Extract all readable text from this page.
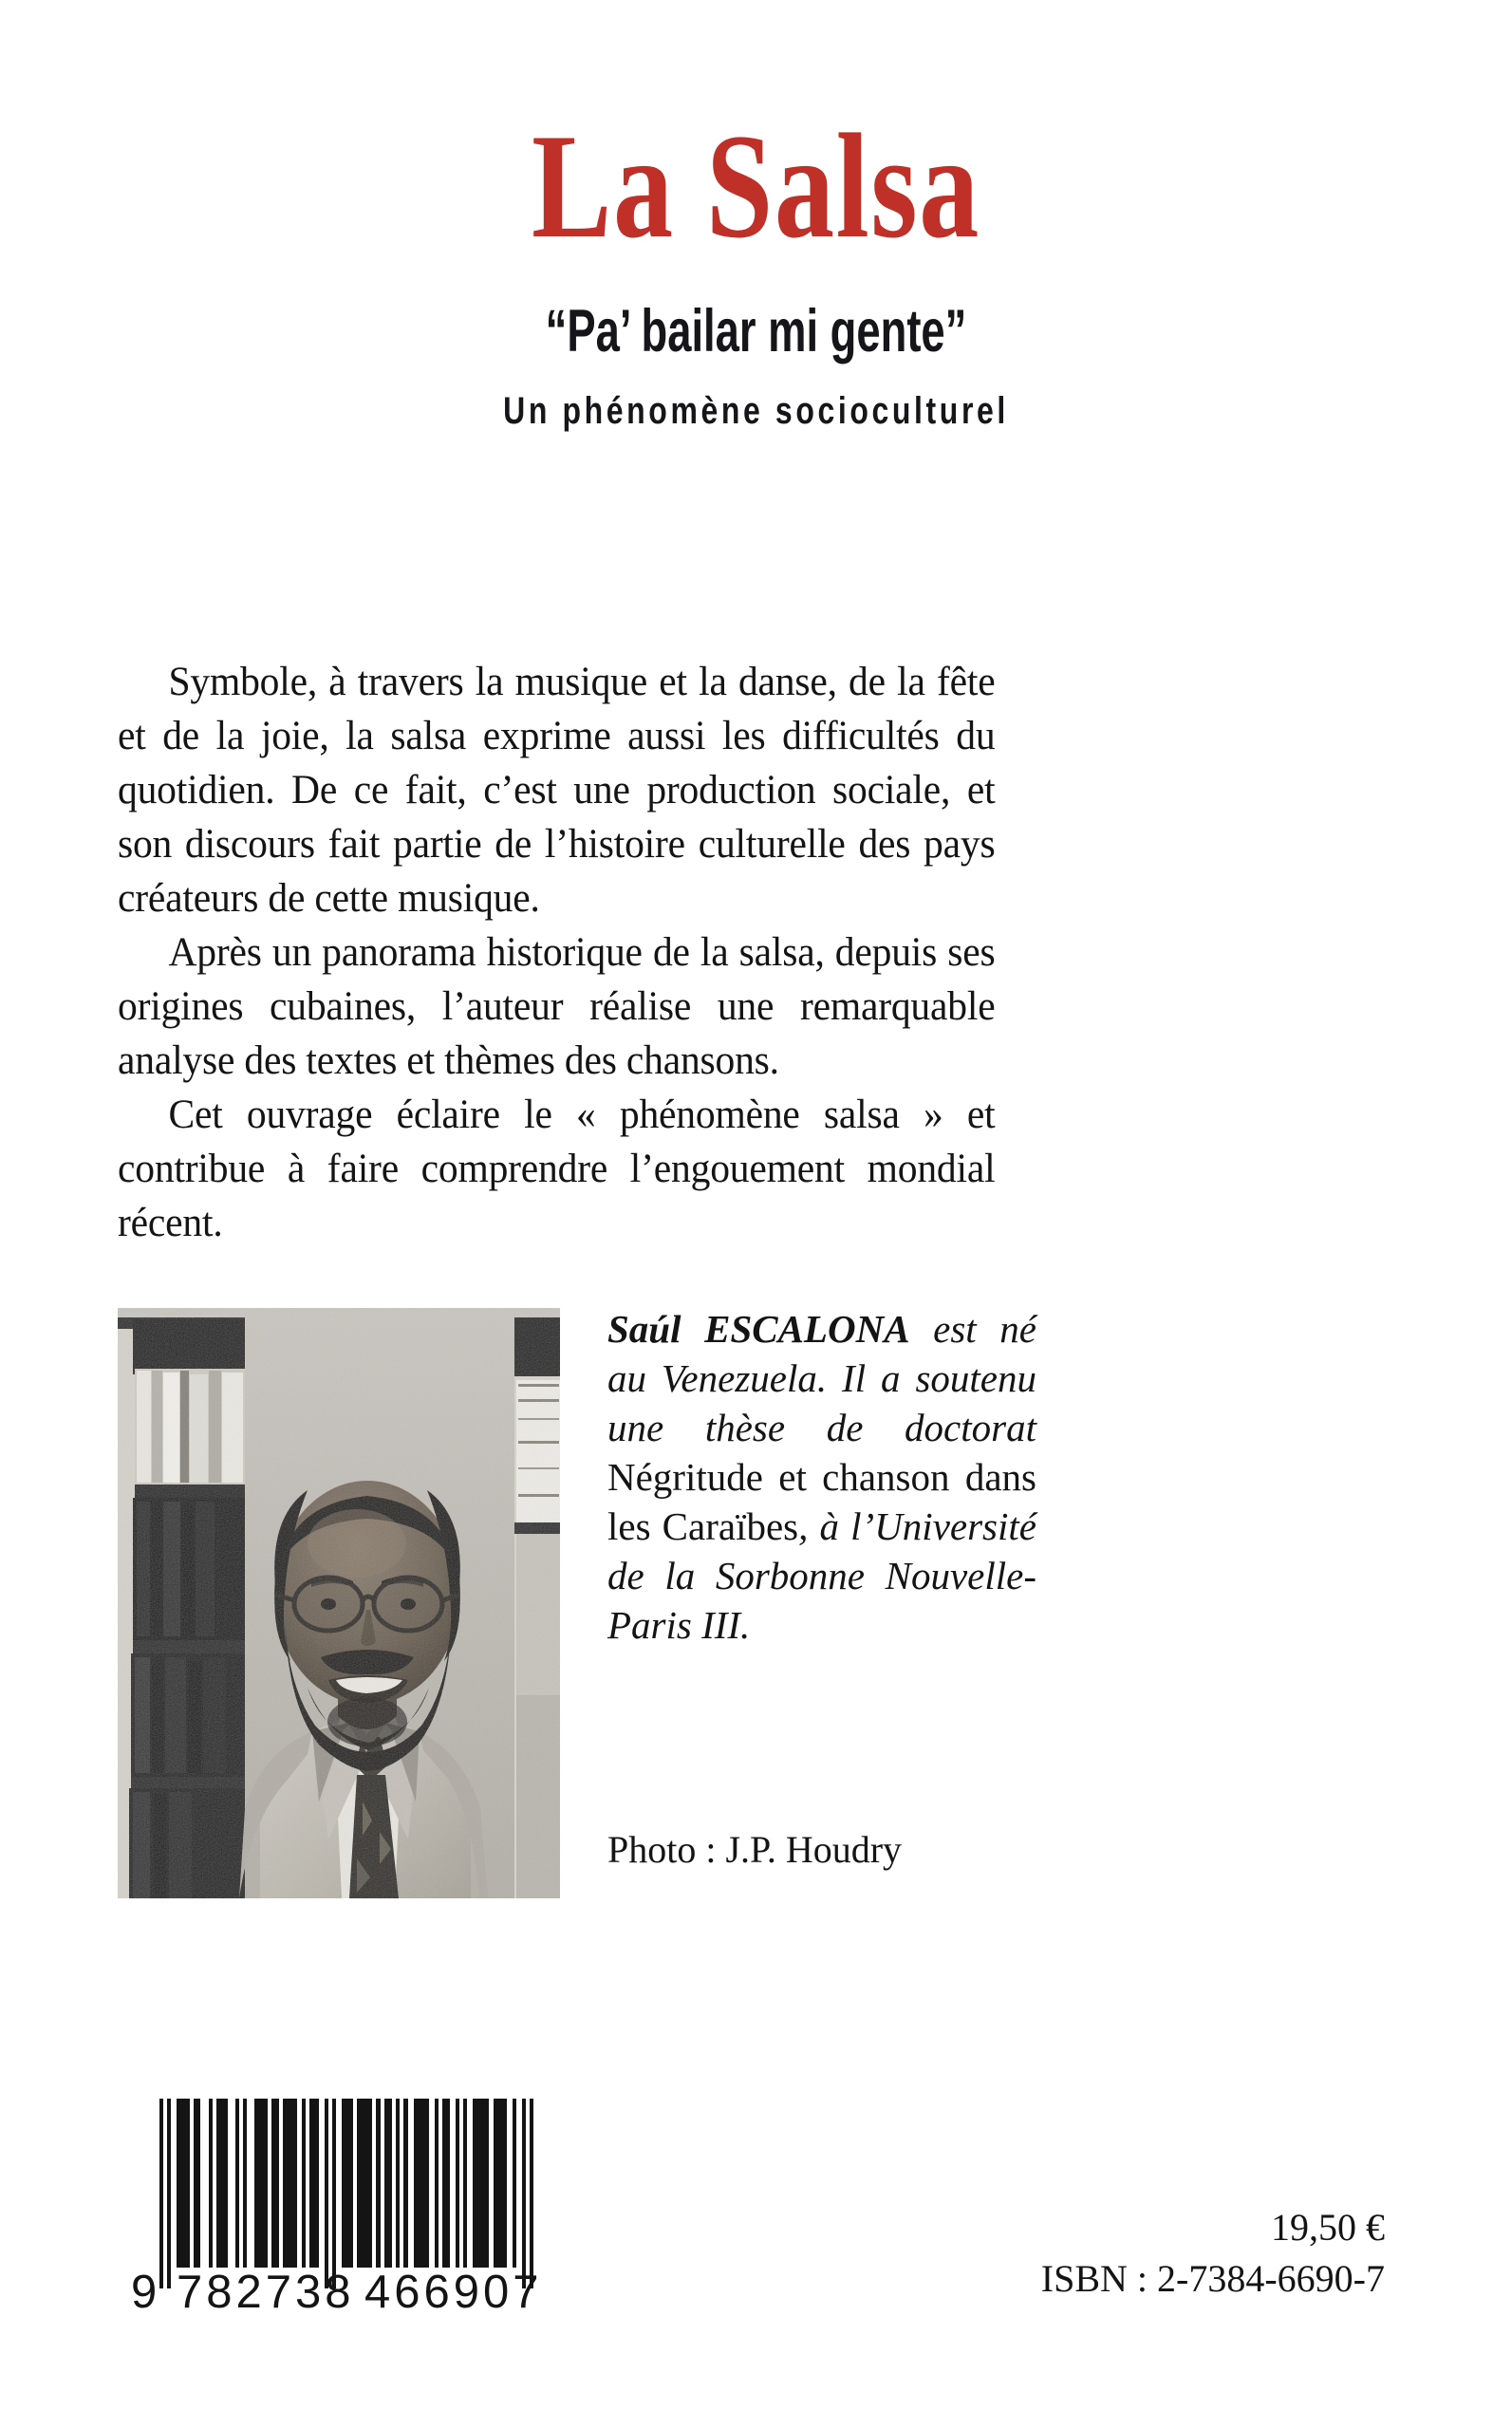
La Salsa
“Pa’ bailar mi gente”
Un phénomène socioculturel

Symbole, à travers la musique et la danse, de la fête et de la joie, la salsa exprime aussi les difficultés du quotidien. De ce fait, c’est une production sociale, et son discours fait partie de l’histoire culturelle des pays créateurs de cette musique.

Après un panorama historique de la salsa, depuis ses origines cubaines, l’auteur réalise une remarquable analyse des textes et thèmes des chansons.

Cet ouvrage éclaire le « phénomène salsa » et contribue à faire comprendre l’engouement mondial récent.

Saúl ESCALONA est né au Venezuela. Il a soutenu une thèse de doctorat Négritude et chanson dans les Caraïbes, à l’Université de la Sorbonne Nouvelle-Paris III.
Photo : J.P. Houdry
9 782738 466907
19,50 €
ISBN : 2-7384-6690-7
